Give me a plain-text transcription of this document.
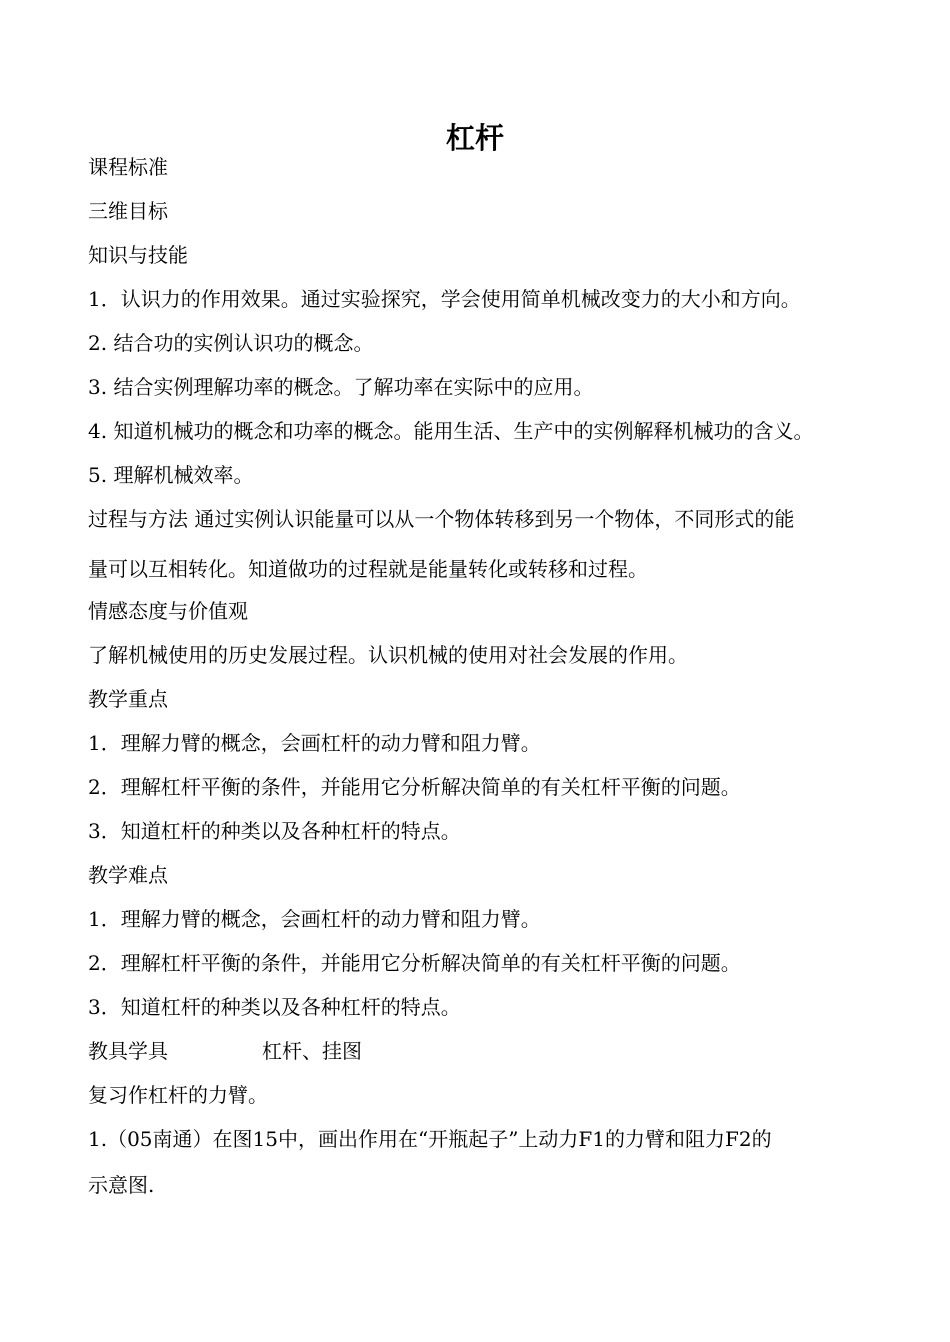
杠杆
课程标准
三维目标
知识与技能
1．认识力的作用效果。通过实验探究，学会使用简单机械改变力的大小和方向。
2. 结合功的实例认识功的概念。
3. 结合实例理解功率的概念。了解功率在实际中的应用。
4. 知道机械功的概念和功率的概念。能用生活、生产中的实例解释机械功的含义。
5. 理解机械效率。
过程与方法 通过实例认识能量可以从一个物体转移到另一个物体，不同形式的能
量可以互相转化。知道做功的过程就是能量转化或转移和过程。
情感态度与价值观
了解机械使用的历史发展过程。认识机械的使用对社会发展的作用。
教学重点
1．理解力臂的概念，会画杠杆的动力臂和阻力臂。
2．理解杠杆平衡的条件，并能用它分析解决简单的有关杠杆平衡的问题。
3．知道杠杆的种类以及各种杠杆的特点。
教学难点
1．理解力臂的概念，会画杠杆的动力臂和阻力臂。
2．理解杠杆平衡的条件，并能用它分析解决简单的有关杠杆平衡的问题。
3．知道杠杆的种类以及各种杠杆的特点。
教具学具	杠杆、挂图
复习作杠杆的力臂。
1.（05南通）在图15中，画出作用在“开瓶起子”上动力F1的力臂和阻力F2的
示意图.
